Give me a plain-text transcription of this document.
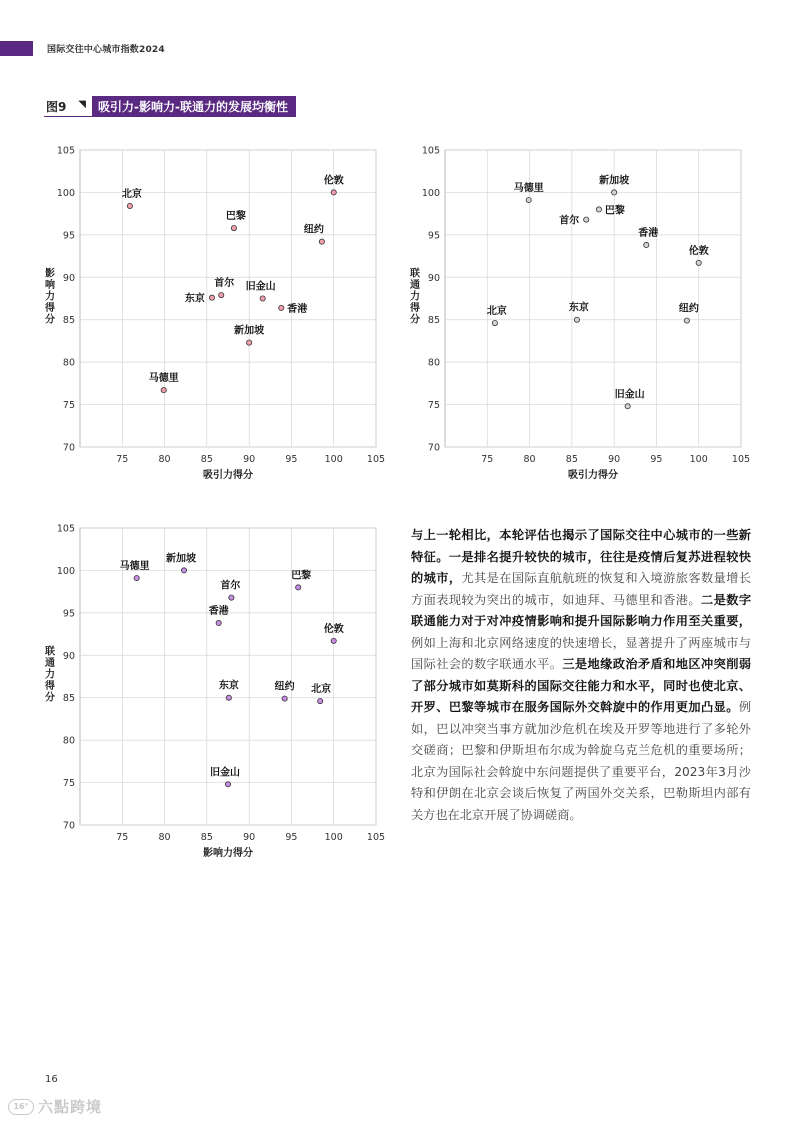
国际交往中心城市指数2024
图9 ◥	吸引力-影响力-联通力的发展均衡性
75	80	85	90	95	100	105
70
75
80
85
90
95
100
105
吸引力得分
影响力得分
北京
伦敦
巴黎
纽约
首尔
东京
旧金山
香港
新加坡
马德里
75	80	85	90	95	100	105
70
75
80
85
90
95
100
105
吸引力得分
联通力得分
马德里
新加坡
巴黎
首尔
香港
伦敦
北京	东京	纽约
旧金山
75	80	85	90	95	100	105
70
75
80
85
90
95
100
105
影响力得分
联通力得分
马德里
新加坡
首尔
巴黎
香港
伦敦
东京	纽约 北京
旧金山
与上一轮相比，本轮评估也揭示了国际交往中心城市的一些新特征。一是排名提升较快的城市，往往是疫情后复苏进程较快的城市，尤其是在国际直航航班的恢复和入境游旅客数量增长方面表现较为突出的城市，如迪拜、马德里和香港。二是数字联通能力对于对冲疫情影响和提升国际影响力作用至关重要，例如上海和北京网络速度的快速增长，显著提升了两座城市与国际社会的数字联通水平。三是地缘政治矛盾和地区冲突削弱了部分城市如莫斯科的国际交往能力和水平，同时也使北京、开罗、巴黎等城市在服务国际外交斡旋中的作用更加凸显。例如，巴以冲突当事方就加沙危机在埃及开罗等地进行了多轮外交磋商；巴黎和伊斯坦布尔成为斡旋乌克兰危机的重要场所；北京为国际社会斡旋中东问题提供了重要平台，2023年3月沙特和伊朗在北京会谈后恢复了两国外交关系，巴勒斯坦内部有关方也在北京开展了协调磋商。
16
16° 六點跨境
